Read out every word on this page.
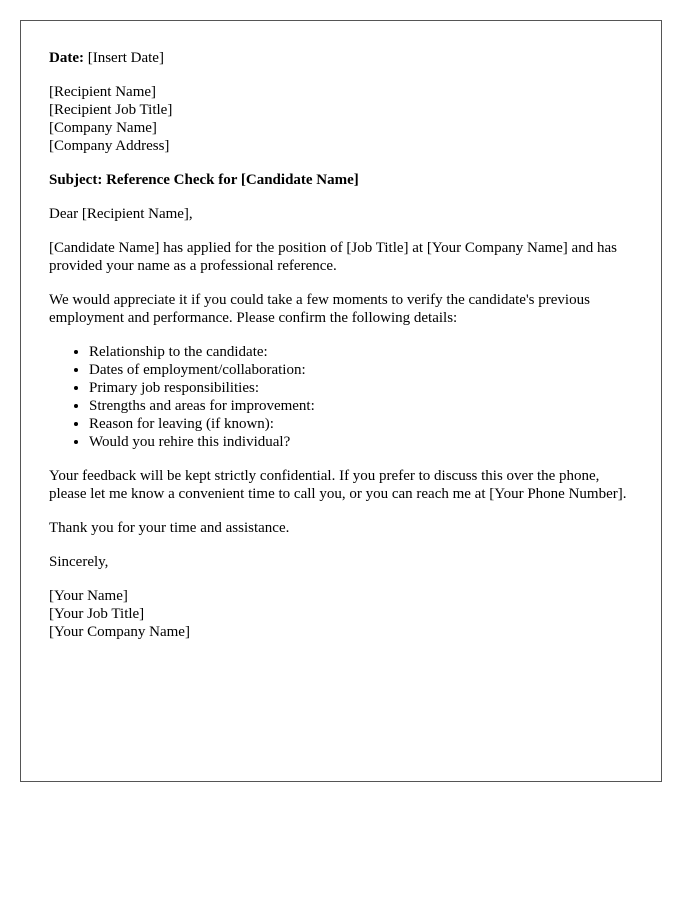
Date: [Insert Date]

[Recipient Name]
[Recipient Job Title]
[Company Name]
[Company Address]

Subject: Reference Check for [Candidate Name]

Dear [Recipient Name],

[Candidate Name] has applied for the position of [Job Title] at [Your Company Name] and has provided your name as a professional reference.

We would appreciate it if you could take a few moments to verify the candidate's previous employment and performance. Please confirm the following details:

• Relationship to the candidate:
• Dates of employment/collaboration:
• Primary job responsibilities:
• Strengths and areas for improvement:
• Reason for leaving (if known):
• Would you rehire this individual?

Your feedback will be kept strictly confidential. If you prefer to discuss this over the phone, please let me know a convenient time to call you, or you can reach me at [Your Phone Number].

Thank you for your time and assistance.

Sincerely,

[Your Name]
[Your Job Title]
[Your Company Name]
